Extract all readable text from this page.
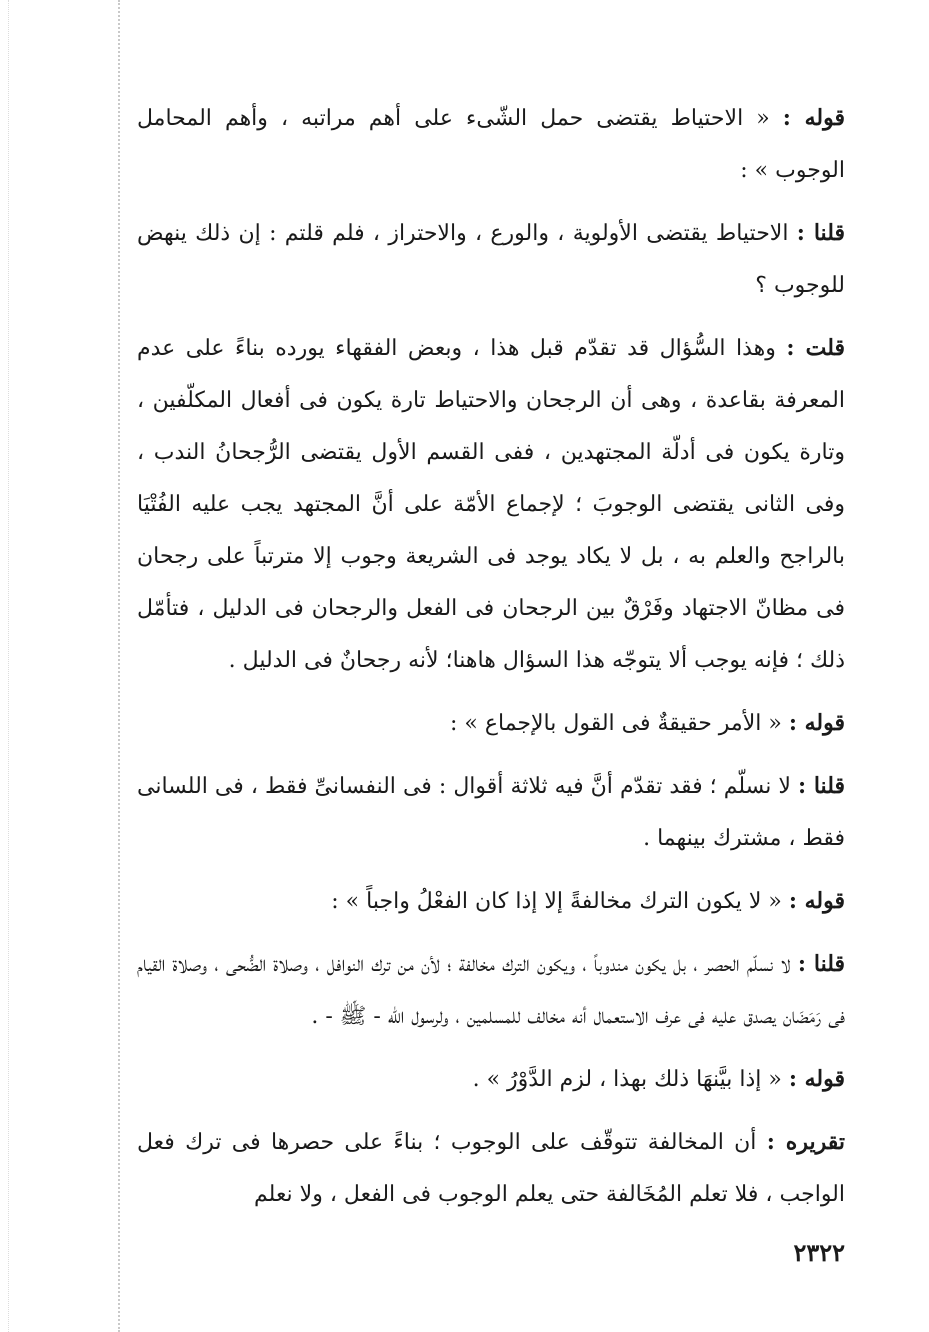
قوله : « الاحتياط يقتضى حمل الشّىء على أهم مراتبه ، وأهم المحامل الوجوب » :

قلنا : الاحتياط يقتضى الأولوية ، والورع ، والاحتراز ، فلم قلتم : إن ذلك ينهض للوجوب ؟

قلت : وهذا السُّؤال قد تقدّم قبل هذا ، وبعض الفقهاء يورده بناءً على عدم المعرفة بقاعدة ، وهى أن الرجحان والاحتياط تارة يكون فى أفعال المكلّفين ، وتارة يكون فى أدلّة المجتهدين ، ففى القسم الأول يقتضى الرُّجحانُ الندب ، وفى الثانى يقتضى الوجوبَ ؛ لإجماع الأمّة على أنَّ المجتهد يجب عليه الفُتْيَا بالراجح والعلم به ، بل لا يكاد يوجد فى الشريعة وجوب إلا مترتباً على رجحان فى مظانّ الاجتهاد وفَرْقٌ بين الرجحان فى الفعل والرجحان فى الدليل ، فتأمّل ذلك ؛ فإنه يوجب ألا يتوجّه هذا السؤال هاهنا؛ لأنه رجحانٌ فى الدليل .

قوله : « الأمر حقيقةٌ فى القول بالإجماع » :

قلنا : لا نسلّم ؛ فقد تقدّم أنَّ فيه ثلاثة أقوال : فى النفسانىِّ فقط ، فى اللسانى فقط ، مشترك بينهما .

قوله : « لا يكون الترك مخالفةً إلا إذا كان الفعْلُ واجباً » :

قلنا : لا نسلّم الحصر ، بل يكون مندوباً ، ويكون الترك مخالفة ؛ لأن من ترك النوافل ، وصلاة الضُّحى ، وصلاة القيام فى رَمَضَان يصدق عليه فى عرف الاستعمال أنه مخالف للمسلمين ، ولرسول الله - ﷺ - .

قوله : « إذا بيَّنهَا ذلك بهذا ، لزم الدَّوْرُ » .

تقريره : أن المخالفة تتوقّف على الوجوب ؛ بناءً على حصرها فى ترك فعل الواجب ، فلا تعلم المُخَالفة حتى يعلم الوجوب فى الفعل ، ولا نعلم

٢٣٢٢
